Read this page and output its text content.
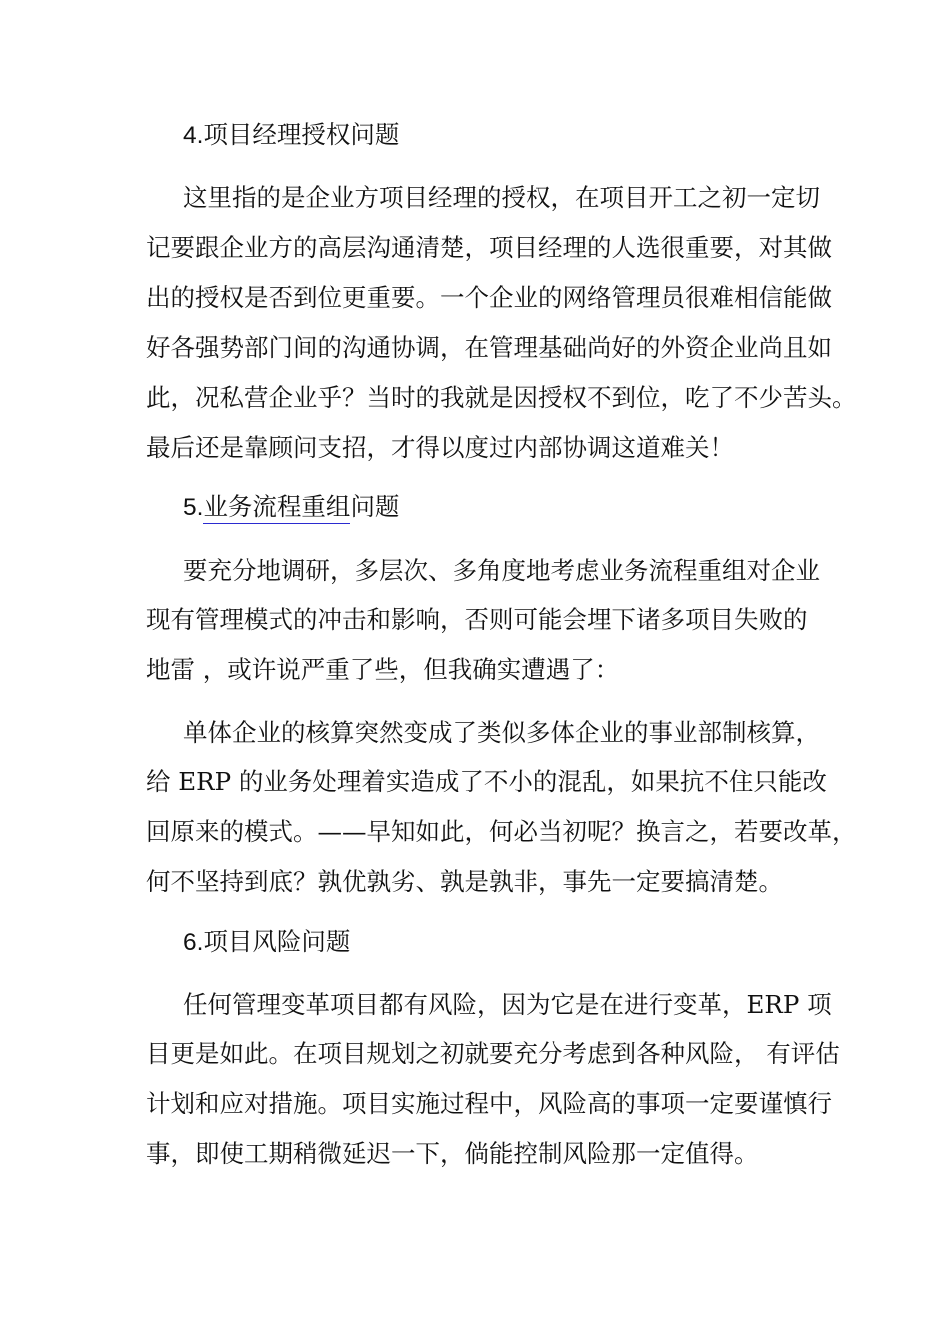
4.项目经理授权问题
这里指的是企业方项目经理的授权，在项目开工之初一定切
记要跟企业方的高层沟通清楚，项目经理的人选很重要，对其做
出的授权是否到位更重要。一个企业的网络管理员很难相信能做
好各强势部门间的沟通协调，在管理基础尚好的外资企业尚且如
此，况私营企业乎？当时的我就是因授权不到位，吃了不少苦头。
最后还是靠顾问支招，才得以度过内部协调这道难关！
5.业务流程重组问题
要充分地调研，多层次、多角度地考虑业务流程重组对企业
现有管理模式的冲击和影响，否则可能会埋下诸多项目失败的
地雷 ，或许说严重了些，但我确实遭遇了：
单体企业的核算突然变成了类似多体企业的事业部制核算，
给 ERP 的业务处理着实造成了不小的混乱，如果抗不住只能改
回原来的模式。——早知如此，何必当初呢？换言之，若要改革，
何不坚持到底？孰优孰劣、孰是孰非，事先一定要搞清楚。
6.项目风险问题
任何管理变革项目都有风险，因为它是在进行变革，ERP 项
目更是如此。在项目规划之初就要充分考虑到各种风险， 有评估
计划和应对措施。项目实施过程中，风险高的事项一定要谨慎行
事，即使工期稍微延迟一下，倘能控制风险那一定值得。
